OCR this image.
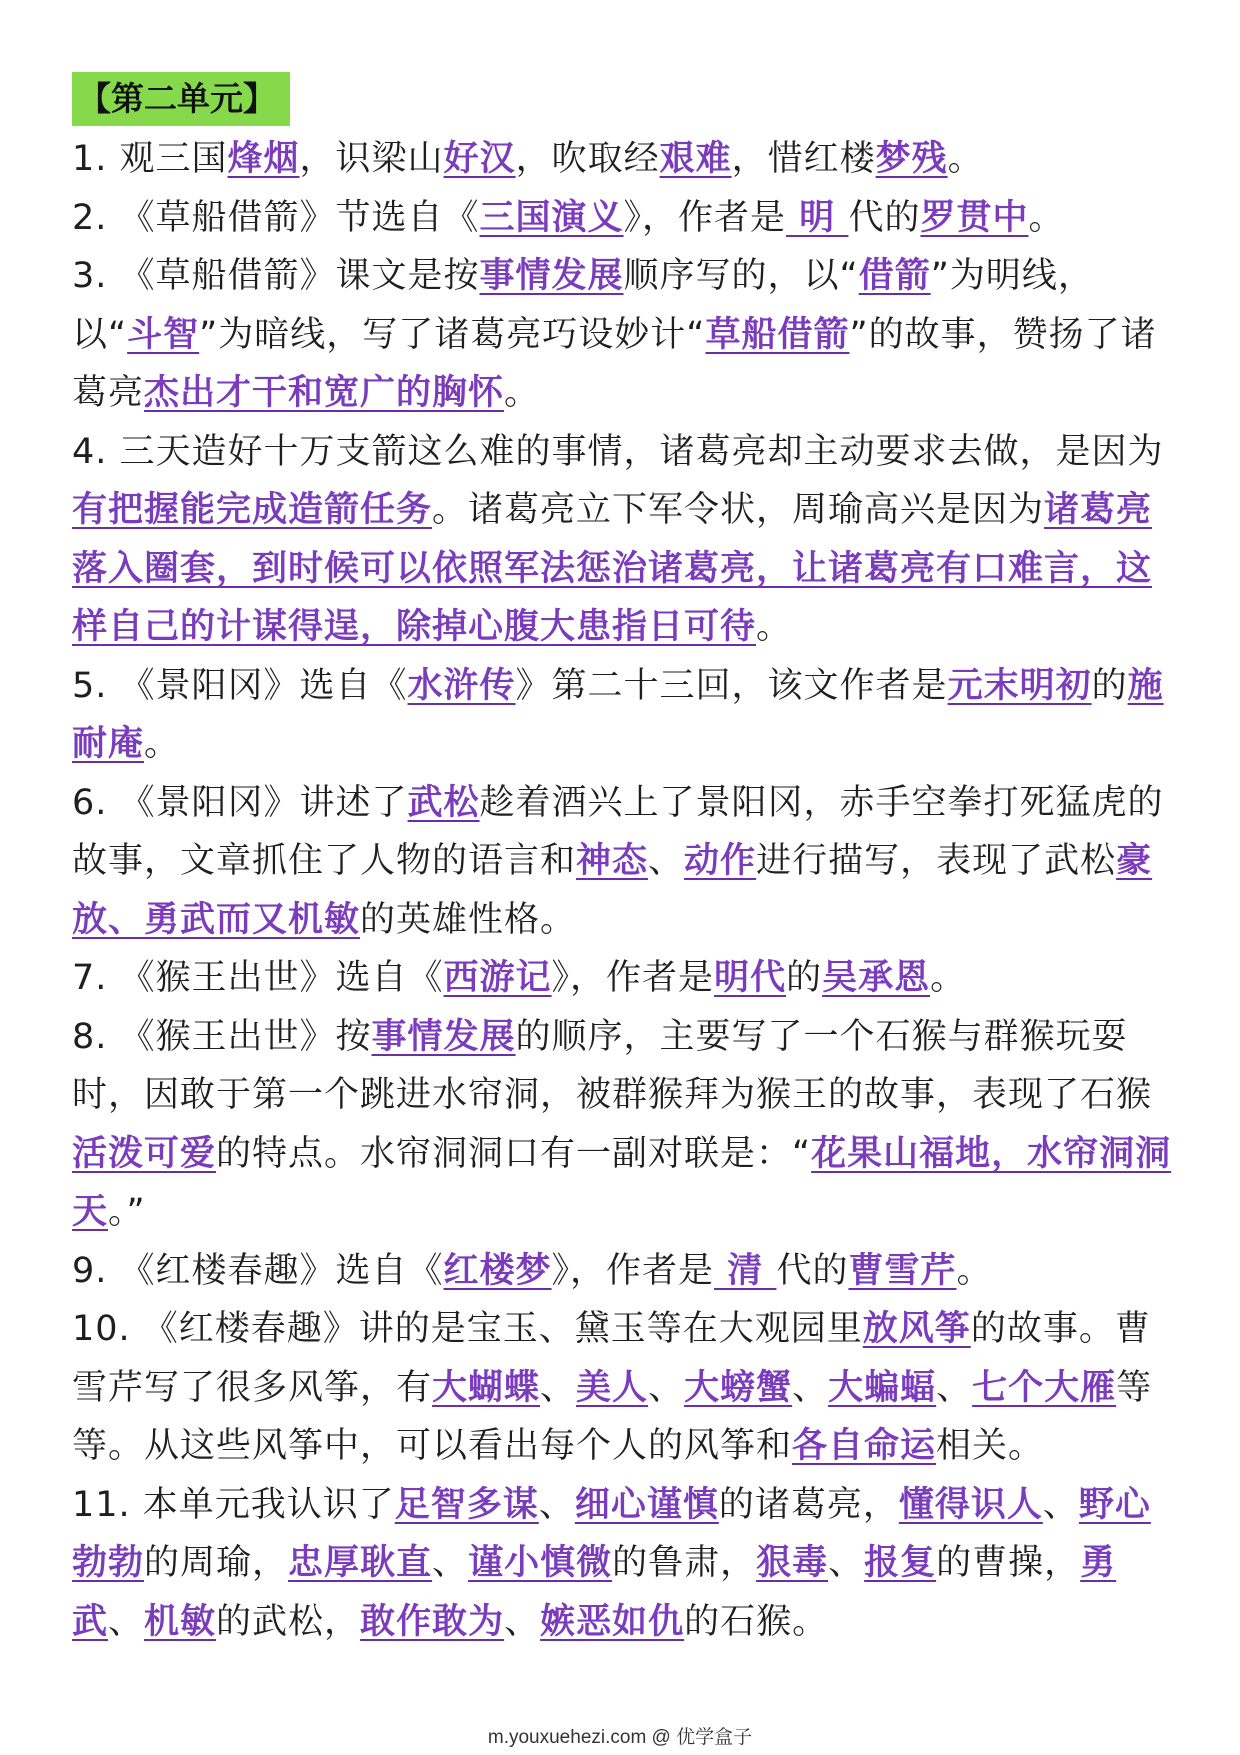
【第二单元】

1. 观三国烽烟，识梁山好汉，吹取经艰难，惜红楼梦残。

2. 《草船借箭》节选自《三国演义》，作者是 明 代的罗贯中。

3. 《草船借箭》课文是按事情发展顺序写的，以“借箭”为明线，以“斗智”为暗线，写了诸葛亮巧设妙计“草船借箭”的故事，赞扬了诸葛亮杰出才干和宽广的胸怀。

4. 三天造好十万支箭这么难的事情，诸葛亮却主动要求去做，是因为有把握能完成造箭任务。诸葛亮立下军令状，周瑜高兴是因为诸葛亮落入圈套，到时候可以依照军法惩治诸葛亮，让诸葛亮有口难言，这样自己的计谋得逞，除掉心腹大患指日可待。

5. 《景阳冈》选自《水浒传》第二十三回，该文作者是元末明初的施耐庵。

6. 《景阳冈》讲述了武松趁着酒兴上了景阳冈，赤手空拳打死猛虎的故事，文章抓住了人物的语言和神态、动作进行描写，表现了武松豪放、勇武而又机敏的英雄性格。

7. 《猴王出世》选自《西游记》，作者是明代的吴承恩。

8. 《猴王出世》按事情发展的顺序，主要写了一个石猴与群猴玩耍时，因敢于第一个跳进水帘洞，被群猴拜为猴王的故事，表现了石猴活泼可爱的特点。水帘洞洞口有一副对联是：“花果山福地，水帘洞洞天。”

9. 《红楼春趣》选自《红楼梦》，作者是 清 代的曹雪芹。

10. 《红楼春趣》讲的是宝玉、黛玉等在大观园里放风筝的故事。曹雪芹写了很多风筝，有大蝴蝶、美人、大螃蟹、大蝙蝠、七个大雁等等。从这些风筝中，可以看出每个人的风筝和各自命运相关。

11. 本单元我认识了足智多谋、细心谨慎的诸葛亮，懂得识人、野心勃勃的周瑜，忠厚耿直、谨小慎微的鲁肃，狠毒、报复的曹操，勇武、机敏的武松，敢作敢为、嫉恶如仇的石猴。

m.youxuehezi.com @ 优学盒子
